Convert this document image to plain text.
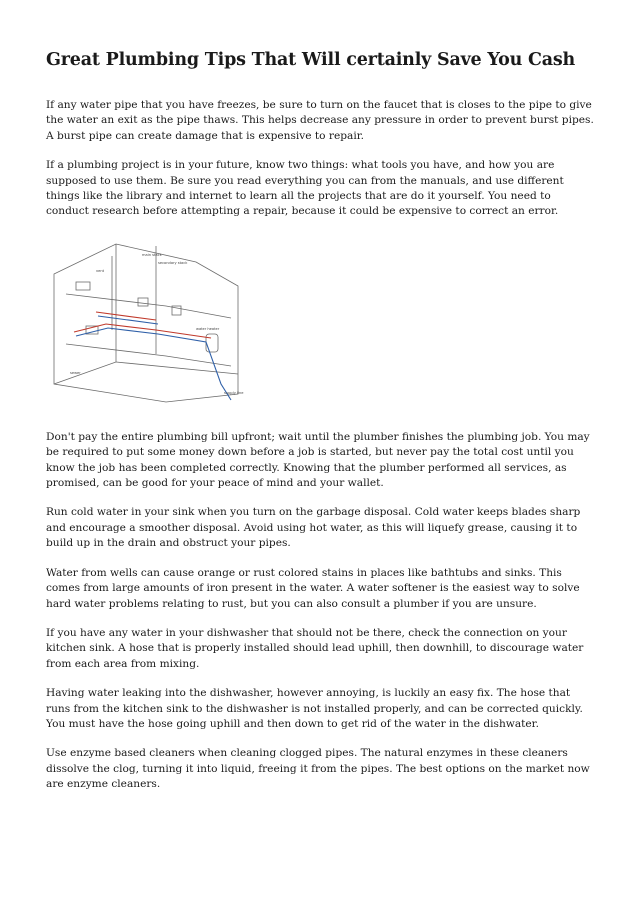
Great Plumbing Tips That Will certainly Save You Cash

If any water pipe that you have freezes, be sure to turn on the faucet that is closes to the pipe to give the water an exit as the pipe thaws. This helps decrease any pressure in order to prevent burst pipes. A burst pipe can create damage that is expensive to repair.

If a plumbing project is in your future, know two things: what tools you have, and how you are supposed to use them. Be sure you read everything you can from the manuals, and use different things like the library and internet to learn all the projects that are do it yourself. You need to conduct research before attempting a repair, because it could be expensive to correct an error.

main stack
secondary stack
vent
water heater
supply line
sewer

Don't pay the entire plumbing bill upfront; wait until the plumber finishes the plumbing job. You may be required to put some money down before a job is started, but never pay the total cost until you know the job has been completed correctly. Knowing that the plumber performed all services, as promised, can be good for your peace of mind and your wallet.

Run cold water in your sink when you turn on the garbage disposal. Cold water keeps blades sharp and encourage a smoother disposal. Avoid using hot water, as this will liquefy grease, causing it to build up in the drain and obstruct your pipes.

Water from wells can cause orange or rust colored stains in places like bathtubs and sinks. This comes from large amounts of iron present in the water. A water softener is the easiest way to solve hard water problems relating to rust, but you can also consult a plumber if you are unsure.

If you have any water in your dishwasher that should not be there, check the connection on your kitchen sink. A hose that is properly installed should lead uphill, then downhill, to discourage water from each area from mixing.

Having water leaking into the dishwasher, however annoying, is luckily an easy fix. The hose that runs from the kitchen sink to the dishwasher is not installed properly, and can be corrected quickly. You must have the hose going uphill and then down to get rid of the water in the dishwater.

Use enzyme based cleaners when cleaning clogged pipes. The natural enzymes in these cleaners dissolve the clog, turning it into liquid, freeing it from the pipes. The best options on the market now are enzyme cleaners.
